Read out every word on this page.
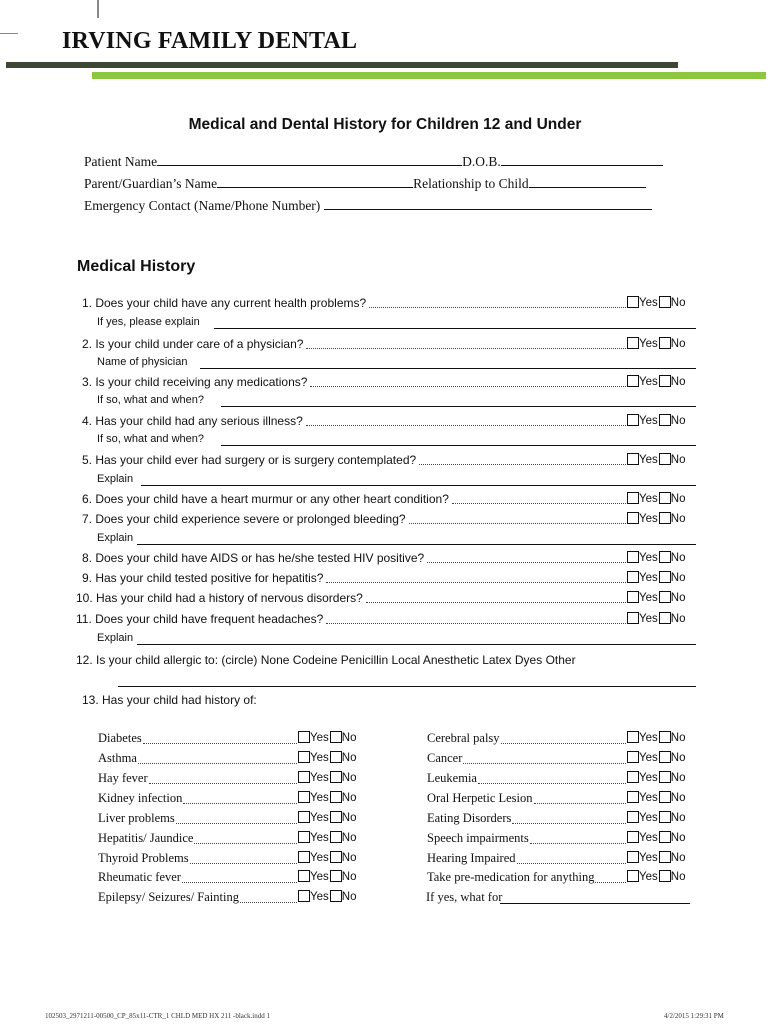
IRVING FAMILY DENTAL
Medical and Dental History for Children 12 and Under
Patient Name	D.O.B.
Parent/Guardian’s Name	Relationship to Child
Emergency Contact (Name/Phone Number)
Medical History
1. Does your child have any current health problems?	Yes No
If yes, please explain
2. Is your child under care of a physician?	Yes No
Name of physician
3. Is your child receiving any medications?	Yes No
If so, what and when?
4. Has your child had any serious illness?	Yes No
If so, what and when?
5. Has your child ever had surgery or is surgery contemplated?	Yes No
Explain
6. Does your child have a heart murmur or any other heart condition?	Yes No
7. Does your child experience severe or prolonged bleeding?	Yes No
Explain
8. Does your child have AIDS or has he/she tested HIV positive?	Yes No
9. Has your child tested positive for hepatitis?	Yes No
10. Has your child had a history of nervous disorders?	Yes No
11. Does your child have frequent headaches?	Yes No
Explain
12. Is your child allergic to: (circle) None Codeine Penicillin Local Anesthetic Latex Dyes Other
13. Has your child had history of:
Diabetes	Yes No
Asthma	Yes No
Hay fever	Yes No
Kidney infection	Yes No
Liver problems	Yes No
Hepatitis/ Jaundice	Yes No
Thyroid Problems	Yes No
Rheumatic fever	Yes No
Epilepsy/ Seizures/ Fainting	Yes No
Cerebral palsy	Yes No
Cancer	Yes No
Leukemia	Yes No
Oral Herpetic Lesion	Yes No
Eating Disorders	Yes No
Speech impairments	Yes No
Hearing Impaired	Yes No
Take pre-medication for anything	Yes No
If yes, what for
102503_2971211-00500_CP_85x11-CTR_1 CHLD MED HX 211 -black.indd 1	4/2/2015 1:29:31 PM
